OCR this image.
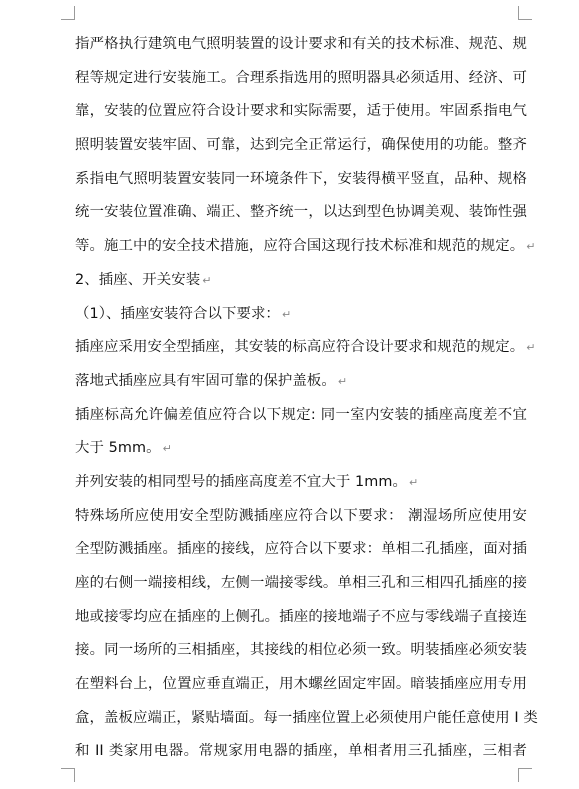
指严格执行建筑电气照明装置的设计要求和有关的技术标准、规范、规
程等规定进行安装施工。合理系指选用的照明器具必须适用、经济、可
靠，安装的位置应符合设计要求和实际需要，适于使用。牢固系指电气
照明装置安装牢固、可靠，达到完全正常运行，确保使用的功能。整齐
系指电气照明装置安装同一环境条件下，安装得横平竖直，品种、规格
统一安装位置准确、端正、整齐统一，以达到型色协调美观、装饰性强
等。施工中的安全技术措施，应符合国这现行技术标准和规范的规定。 ↵
2、插座、开关安装 ↵
（1）、插座安装符合以下要求： ↵
插座应采用安全型插座，其安装的标高应符合设计要求和规范的规定。 ↵
落地式插座应具有牢固可靠的保护盖板。 ↵
插座标高允许偏差值应符合以下规定: 同一室内安装的插座高度差不宜
大于 5mm。 ↵
并列安装的相同型号的插座高度差不宜大于 1mm。 ↵
特殊场所应使用安全型防溅插座应符合以下要求： 潮湿场所应使用安
全型防溅插座。插座的接线，应符合以下要求：单相二孔插座，面对插
座的右侧一端接相线，左侧一端接零线。单相三孔和三相四孔插座的接
地或接零均应在插座的上侧孔。插座的接地端子不应与零线端子直接连
接。同一场所的三相插座，其接线的相位必须一致。明装插座必须安装
在塑料台上，位置应垂直端正，用木螺丝固定牢固。暗装插座应用专用
盒，盖板应端正，紧贴墙面。每一插座位置上必须使用户能任意使用 I 类
和 II 类家用电器。常规家用电器的插座，单相者用三孔插座，三相者
